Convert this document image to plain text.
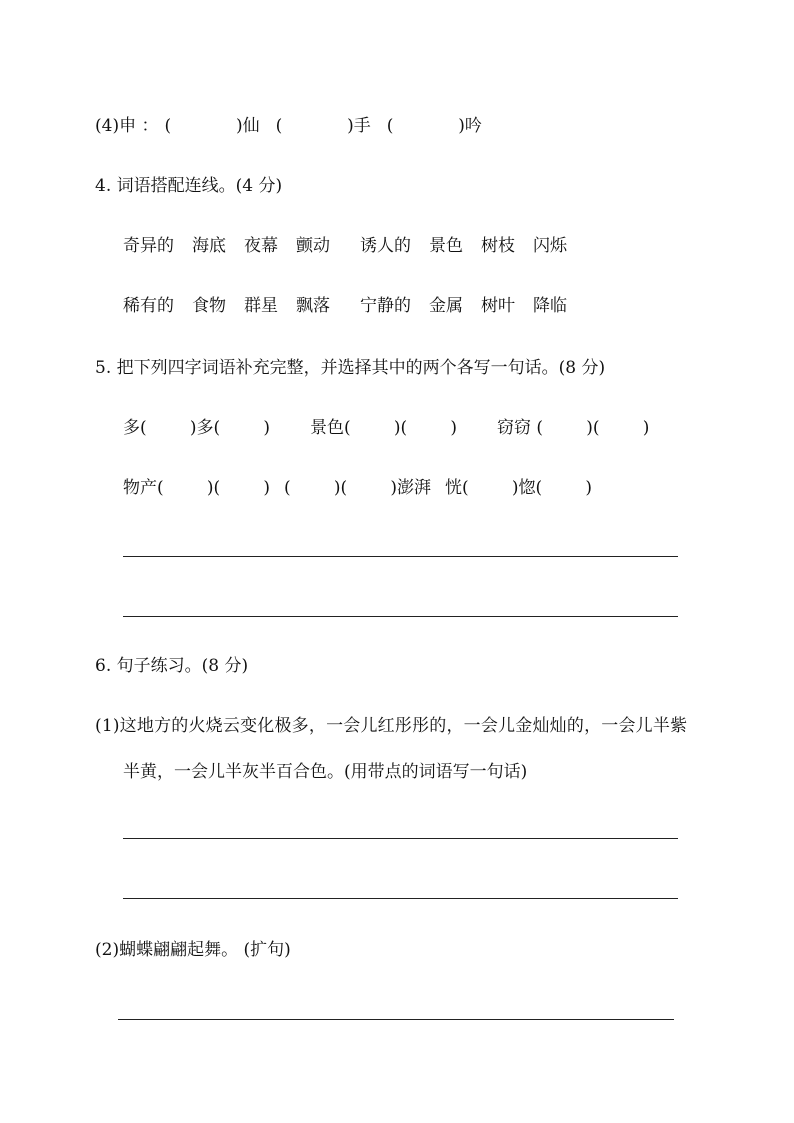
(4)申 ： (            )仙 (            )手 (            )吟
4. 词语搭配连线。(4 分)
奇异的 海底 夜幕 颤动 诱人的 景色 树枝 闪烁
稀有的 食物 群星 飘落 宁静的 金属 树叶 降临
5. 把下列四字词语补充完整，并选择其中的两个各写一句话。(8 分)
多(        )多(        ) 景色(        )(        ) 窃窃 (        )(        )
物产(        )(        ) (        )(        )澎湃 恍(        )惚(        )
6. 句子练习。(8 分)
(1)这地方的火烧云变化极多，一会儿红彤彤的，一会儿金灿灿的，一会儿半紫
半黄，一会儿半灰半百合色。(用带点的词语写一句话)
(2)蝴蝶翩翩起舞。 (扩句)
